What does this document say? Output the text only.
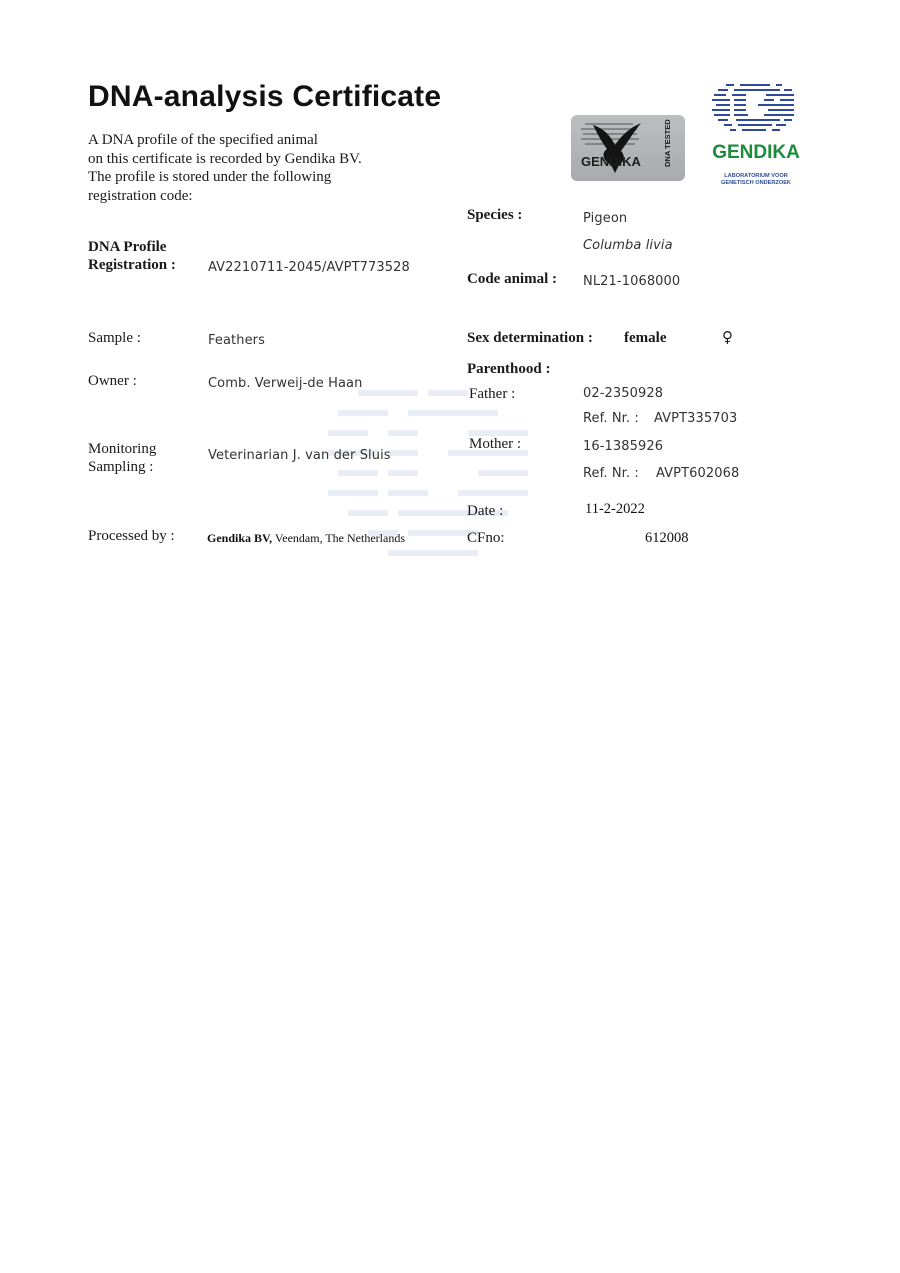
DNA-analysis Certificate
A DNA profile of the specified animal
on this certificate is recorded by Gendika BV.
The profile is stored under the following
registration code:
GENDIKA	DNA TESTED GENDIKA
LABORATORIUM VOOR
GENETISCH ONDERZOEK
DNA Profile
Registration : AV2210711-2045/AVPT773528
Sample :	Feathers
Owner :	Comb. Verweij-de Haan
Monitoring
Sampling :
Veterinarian J. van der Sluis
Processed by :	Gendika BV, Veendam, The Netherlands
Species :	Pigeon
Columba livia
Code animal : NL21-1068000
Sex determination : female	♀
Parenthood :
Father :	02-2350928
Ref. Nr. : AVPT335703
Mother :	16-1385926
Ref. Nr. : AVPT602068
Date :	11-2-2022
CFno:	612008
